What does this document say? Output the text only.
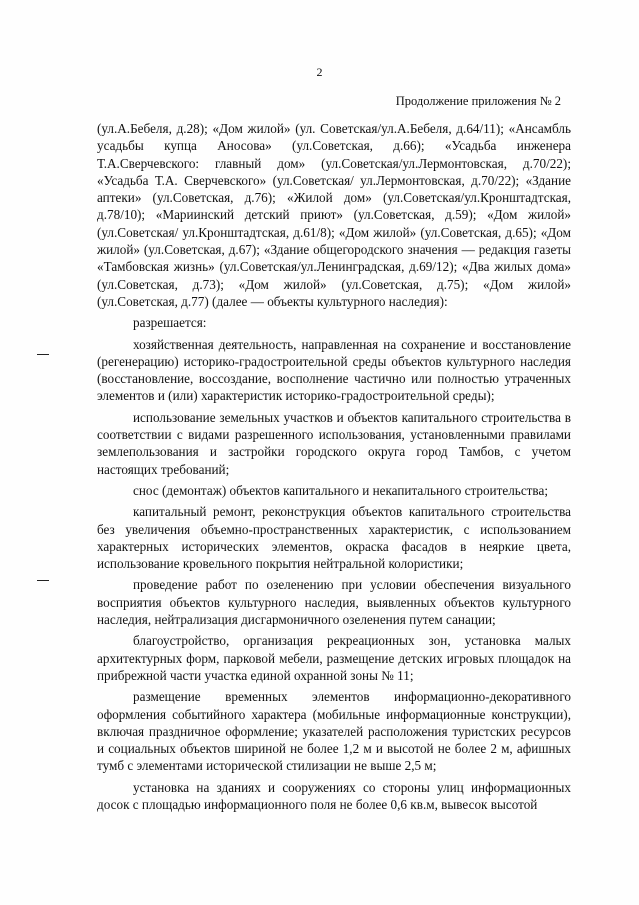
2
Продолжение приложения № 2

(ул.А.Бебеля, д.28); «Дом жилой» (ул. Советская/ул.А.Бебеля, д.64/11); «Ансамбль усадьбы купца Аносова» (ул.Советская, д.66); «Усадьба инженера Т.А.Сверчевского: главный дом» (ул.Советская/ул.Лермонтовская, д.70/22); «Усадьба Т.А. Сверчевского» (ул.Советская/ ул.Лермонтовская, д.70/22); «Здание аптеки» (ул.Советская, д.76); «Жилой дом» (ул.Советская/ул.Кронштадтская, д.78/10); «Мариинский детский приют» (ул.Советская, д.59); «Дом жилой» (ул.Советская/ ул.Кронштадтская, д.61/8); «Дом жилой» (ул.Советская, д.65); «Дом жилой» (ул.Советская, д.67); «Здание общегородского значения — редакция газеты «Тамбовская жизнь» (ул.Советская/ул.Ленинградская, д.69/12); «Два жилых дома» (ул.Советская, д.73); «Дом жилой» (ул.Советская, д.75); «Дом жилой» (ул.Советская, д.77) (далее — объекты культурного наследия):

разрешается:

хозяйственная деятельность, направленная на сохранение и восстановление (регенерацию) историко-градостроительной среды объектов культурного наследия (восстановление, воссоздание, восполнение частично или полностью утраченных элементов и (или) характеристик историко-градостроительной среды);

использование земельных участков и объектов капитального строительства в соответствии с видами разрешенного использования, установленными правилами землепользования и застройки городского округа город Тамбов, с учетом настоящих требований;

снос (демонтаж) объектов капитального и некапитального строительства;

капитальный ремонт, реконструкция объектов капитального строительства без увеличения объемно-пространственных характеристик, с использованием характерных исторических элементов, окраска фасадов в неяркие цвета, использование кровельного покрытия нейтральной колористики;

проведение работ по озеленению при условии обеспечения визуального восприятия объектов культурного наследия, выявленных объектов культурного наследия, нейтрализация дисгармоничного озеленения путем санации;

благоустройство, организация рекреационных зон, установка малых архитектурных форм, парковой мебели, размещение детских игровых площадок на прибрежной части участка единой охранной зоны № 11;

размещение временных элементов информационно-декоративного оформления событийного характера (мобильные информационные конструкции), включая праздничное оформление; указателей расположения туристских ресурсов и социальных объектов шириной не более 1,2 м и высотой не более 2 м, афишных тумб с элементами исторической стилизации не выше 2,5 м;

установка на зданиях и сооружениях со стороны улиц информационных досок с площадью информационного поля не более 0,6 кв.м, вывесок высотой
